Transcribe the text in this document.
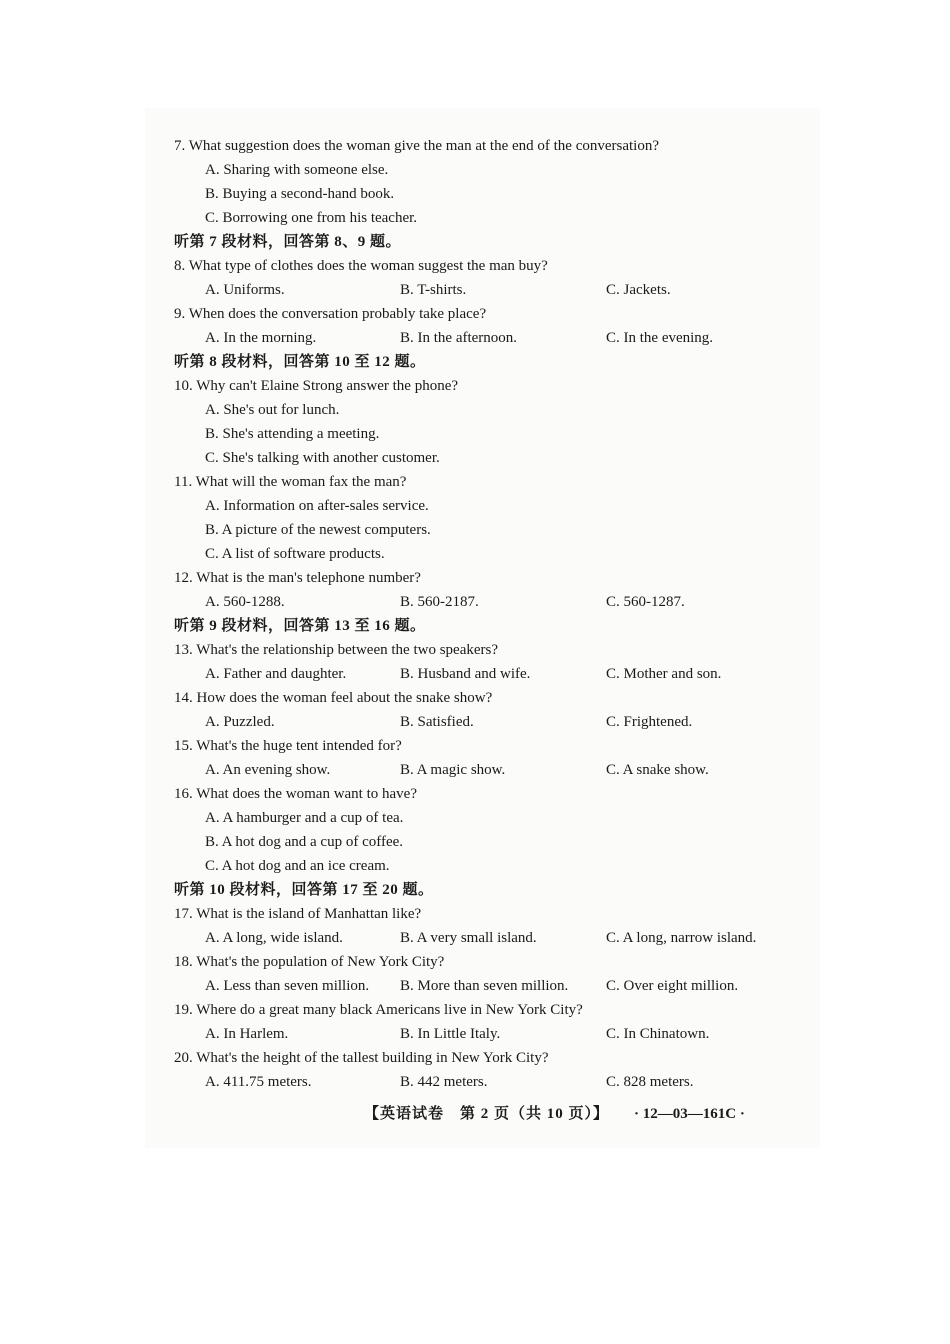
7. What suggestion does the woman give the man at the end of the conversation?
A. Sharing with someone else.
B. Buying a second-hand book.
C. Borrowing one from his teacher.
听第 7 段材料，回答第 8、9 题。
8. What type of clothes does the woman suggest the man buy?
A. Uniforms.	B. T-shirts.	C. Jackets.
9. When does the conversation probably take place?
A. In the morning.	B. In the afternoon.	C. In the evening.
听第 8 段材料，回答第 10 至 12 题。
10. Why can't Elaine Strong answer the phone?
A. She's out for lunch.
B. She's attending a meeting.
C. She's talking with another customer.
11. What will the woman fax the man?
A. Information on after-sales service.
B. A picture of the newest computers.
C. A list of software products.
12. What is the man's telephone number?
A. 560-1288.	B. 560-2187.	C. 560-1287.
听第 9 段材料，回答第 13 至 16 题。
13. What's the relationship between the two speakers?
A. Father and daughter.	B. Husband and wife.	C. Mother and son.
14. How does the woman feel about the snake show?
A. Puzzled.	B. Satisfied.	C. Frightened.
15. What's the huge tent intended for?
A. An evening show.	B. A magic show.	C. A snake show.
16. What does the woman want to have?
A. A hamburger and a cup of tea.
B. A hot dog and a cup of coffee.
C. A hot dog and an ice cream.
听第 10 段材料，回答第 17 至 20 题。
17. What is the island of Manhattan like?
A. A long, wide island.	B. A very small island.	C. A long, narrow island.
18. What's the population of New York City?
A. Less than seven million. B. More than seven million.	C. Over eight million.
19. Where do a great many black Americans live in New York City?
A. In Harlem.	B. In Little Italy.	C. In Chinatown.
20. What's the height of the tallest building in New York City?
A. 411.75 meters.	B. 442 meters.	C. 828 meters.
【英语试卷　第 2 页（共 10 页）】 · 12—03—161C ·
